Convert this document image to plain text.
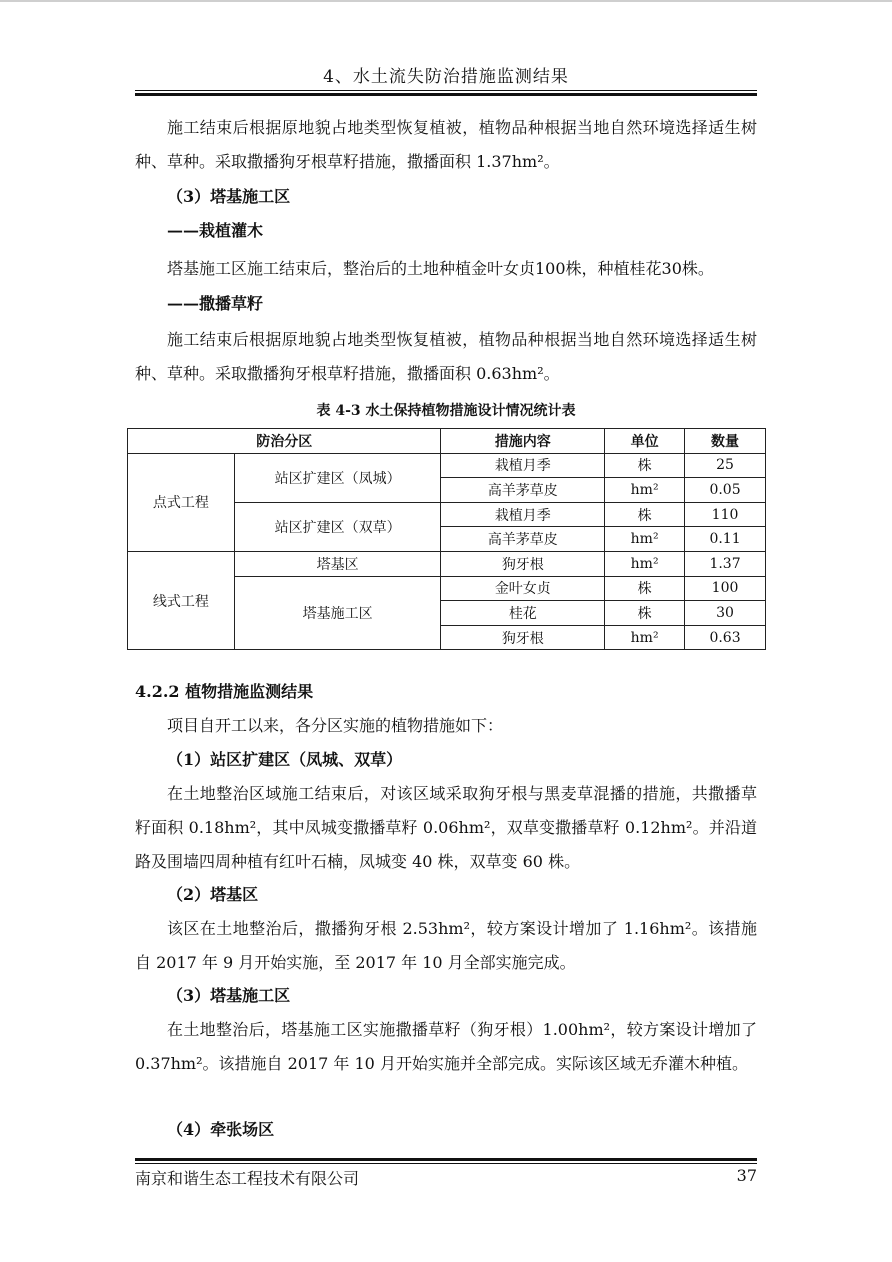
4、水土流失防治措施监测结果

施工结束后根据原地貌占地类型恢复植被，植物品种根据当地自然环境选择适生树种、草种。采取撒播狗牙根草籽措施，撒播面积 1.37hm²。

（3）塔基施工区

——栽植灌木

塔基施工区施工结束后，整治后的土地种植金叶女贞100株，种植桂花30株。

——撒播草籽

施工结束后根据原地貌占地类型恢复植被，植物品种根据当地自然环境选择适生树种、草种。采取撒播狗牙根草籽措施，撒播面积 0.63hm²。

表 4-3 水土保持植物措施设计情况统计表
防治分区		措施内容	单位	数量
点式工程	站区扩建区（凤城）	栽植月季	株	25
		高羊茅草皮	hm²	0.05
	站区扩建区（双草）	栽植月季	株	110
		高羊茅草皮	hm²	0.11
线式工程	塔基区	狗牙根	hm²	1.37
	塔基施工区	金叶女贞	株	100
		桂花	株	30
		狗牙根	hm²	0.63

4.2.2 植物措施监测结果

项目自开工以来，各分区实施的植物措施如下：

（1）站区扩建区（凤城、双草）

在土地整治区域施工结束后，对该区域采取狗牙根与黑麦草混播的措施，共撒播草籽面积 0.18hm²，其中凤城变撒播草籽 0.06hm²，双草变撒播草籽 0.12hm²。并沿道路及围墙四周种植有红叶石楠，凤城变 40 株，双草变 60 株。

（2）塔基区

该区在土地整治后，撒播狗牙根 2.53hm²，较方案设计增加了 1.16hm²。该措施自 2017 年 9 月开始实施，至 2017 年 10 月全部实施完成。

（3）塔基施工区

在土地整治后，塔基施工区实施撒播草籽（狗牙根）1.00hm²，较方案设计增加了 0.37hm²。该措施自 2017 年 10 月开始实施并全部完成。实际该区域无乔灌木种植。

（4）牵张场区

南京和谐生态工程技术有限公司	37
